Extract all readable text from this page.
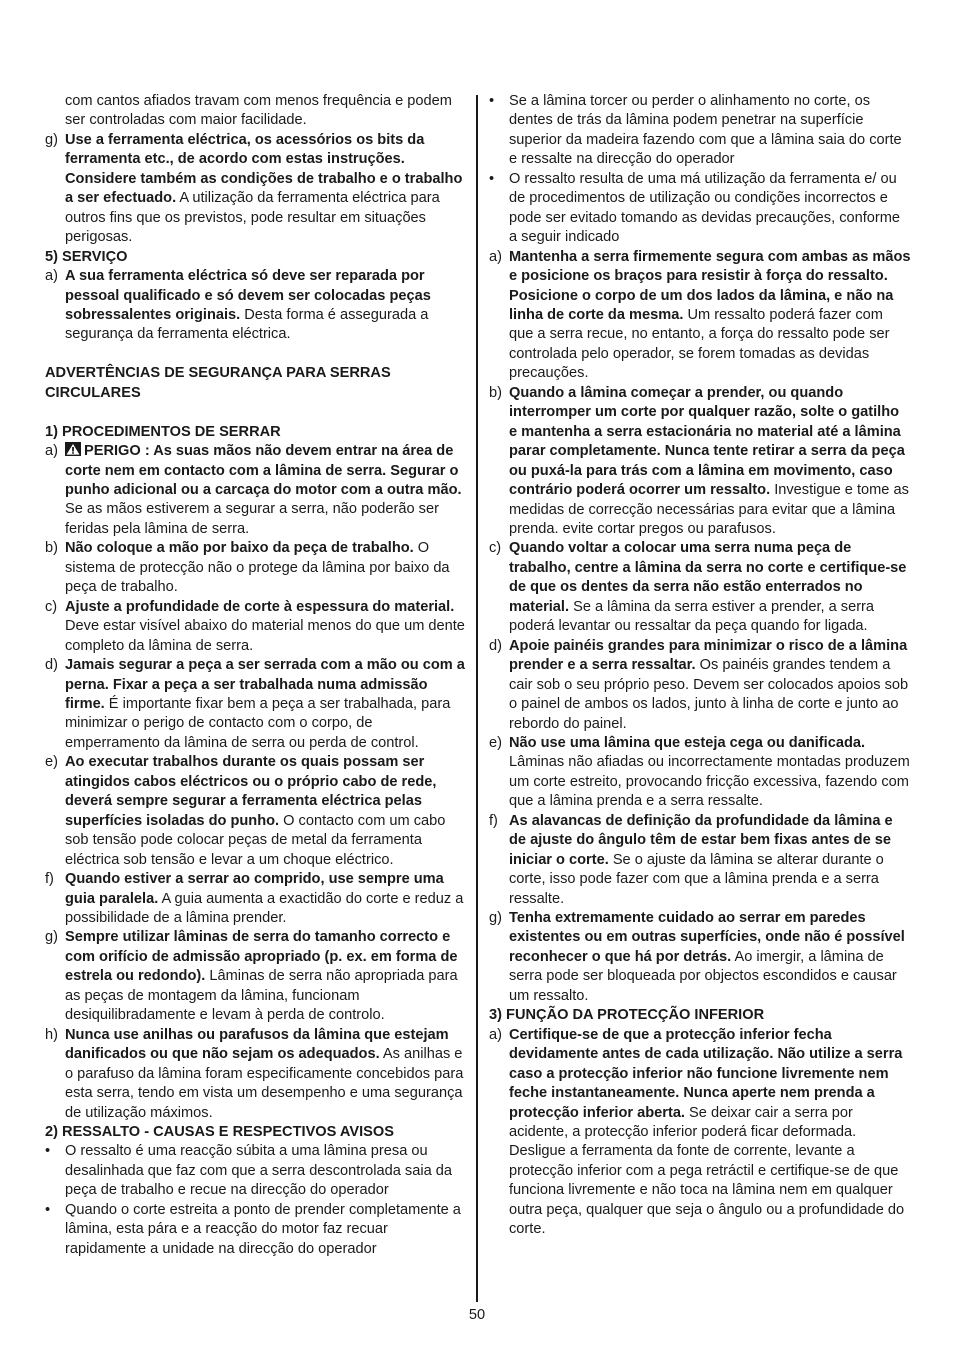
com cantos afiados travam com menos frequência e podem ser controladas com maior facilidade.

g) Use a ferramenta eléctrica, os acessórios os bits da ferramenta etc., de acordo com estas instruções. Considere também as condições de trabalho e o trabalho a ser efectuado. A utilização da ferramenta eléctrica para outros fins que os previstos, pode resultar em situações perigosas.

5) SERVIÇO

a) A sua ferramenta eléctrica só deve ser reparada por pessoal qualificado e só devem ser colocadas peças sobressalentes originais. Desta forma é assegurada a segurança da ferramenta eléctrica.

ADVERTÊNCIAS DE SEGURANÇA PARA SERRAS CIRCULARES

1) PROCEDIMENTOS DE SERRAR

a) PERIGO : As suas mãos não devem entrar na área de corte nem em contacto com a lâmina de serra. Segurar o punho adicional ou a carcaça do motor com a outra mão. Se as mãos estiverem a segurar a serra, não poderão ser feridas pela lâmina de serra.

b) Não coloque a mão por baixo da peça de trabalho. O sistema de protecção não o protege da lâmina por baixo da peça de trabalho.

c) Ajuste a profundidade de corte à espessura do material. Deve estar visível abaixo do material menos do que um dente completo da lâmina de serra.

d) Jamais segurar a peça a ser serrada com a mão ou com a perna. Fixar a peça a ser trabalhada numa admissão firme. É importante fixar bem a peça a ser trabalhada, para minimizar o perigo de contacto com o corpo, de emperramento da lâmina de serra ou perda de control.

e) Ao executar trabalhos durante os quais possam ser atingidos cabos eléctricos ou o próprio cabo de rede, deverá sempre segurar a ferramenta eléctrica pelas superfícies isoladas do punho. O contacto com um cabo sob tensão pode colocar peças de metal da ferramenta eléctrica sob tensão e levar a um choque eléctrico.

f) Quando estiver a serrar ao comprido, use sempre uma guia paralela. A guia aumenta a exactidão do corte e reduz a possibilidade de a lâmina prender.

g) Sempre utilizar lâminas de serra do tamanho correcto e com orifício de admissão apropriado (p. ex. em forma de estrela ou redondo). Lâminas de serra não apropriada para as peças de montagem da lâmina, funcionam desiquilibradamente e levam à perda de controlo.

h) Nunca use anilhas ou parafusos da lâmina que estejam danificados ou que não sejam os adequados. As anilhas e o parafuso da lâmina foram especificamente concebidos para esta serra, tendo em vista um desempenho e uma segurança de utilização máximos.

2) RESSALTO - CAUSAS E RESPECTIVOS AVISOS

• O ressalto é uma reacção súbita a uma lâmina presa ou desalinhada que faz com que a serra descontrolada saia da peça de trabalho e recue na direcção do operador

• Quando o corte estreita a ponto de prender completamente a lâmina, esta pára e a reacção do motor faz recuar rapidamente a unidade na direcção do operador

• Se a lâmina torcer ou perder o alinhamento no corte, os dentes de trás da lâmina podem penetrar na superfície superior da madeira fazendo com que a lâmina saia do corte e ressalte na direcção do operador

• O ressalto resulta de uma má utilização da ferramenta e/ ou de procedimentos de utilização ou condições incorrectos e pode ser evitado tomando as devidas precauções, conforme a seguir indicado

a) Mantenha a serra firmemente segura com ambas as mãos e posicione os braços para resistir à força do ressalto. Posicione o corpo de um dos lados da lâmina, e não na linha de corte da mesma. Um ressalto poderá fazer com que a serra recue, no entanto, a força do ressalto pode ser controlada pelo operador, se forem tomadas as devidas precauções.

b) Quando a lâmina começar a prender, ou quando interromper um corte por qualquer razão, solte o gatilho e mantenha a serra estacionária no material até a lâmina parar completamente. Nunca tente retirar a serra da peça ou puxá-la para trás com a lâmina em movimento, caso contrário poderá ocorrer um ressalto. Investigue e tome as medidas de correcção necessárias para evitar que a lâmina prenda. evite cortar pregos ou parafusos.

c) Quando voltar a colocar uma serra numa peça de trabalho, centre a lâmina da serra no corte e certifique-se de que os dentes da serra não estão enterrados no material. Se a lâmina da serra estiver a prender, a serra poderá levantar ou ressaltar da peça quando for ligada.

d) Apoie painéis grandes para minimizar o risco de a lâmina prender e a serra ressaltar. Os painéis grandes tendem a cair sob o seu próprio peso. Devem ser colocados apoios sob o painel de ambos os lados, junto à linha de corte e junto ao rebordo do painel.

e) Não use uma lâmina que esteja cega ou danificada. Lâminas não afiadas ou incorrectamente montadas produzem um corte estreito, provocando fricção excessiva, fazendo com que a lâmina prenda e a serra ressalte.

f) As alavancas de definição da profundidade da lâmina e de ajuste do ângulo têm de estar bem fixas antes de se iniciar o corte. Se o ajuste da lâmina se alterar durante o corte, isso pode fazer com que a lâmina prenda e a serra ressalte.

g) Tenha extremamente cuidado ao serrar em paredes existentes ou em outras superfícies, onde não é possível reconhecer o que há por detrás. Ao imergir, a lâmina de serra pode ser bloqueada por objectos escondidos e causar um ressalto.

3) FUNÇÃO DA PROTECÇÃO INFERIOR

a) Certifique-se de que a protecção inferior fecha devidamente antes de cada utilização. Não utilize a serra caso a protecção inferior não funcione livremente nem feche instantaneamente. Nunca aperte nem prenda a protecção inferior aberta. Se deixar cair a serra por acidente, a protecção inferior poderá ficar deformada. Desligue a ferramenta da fonte de corrente, levante a protecção inferior com a pega retráctil e certifique-se de que funciona livremente e não toca na lâmina nem em qualquer outra peça, qualquer que seja o ângulo ou a profundidade do corte.

50
